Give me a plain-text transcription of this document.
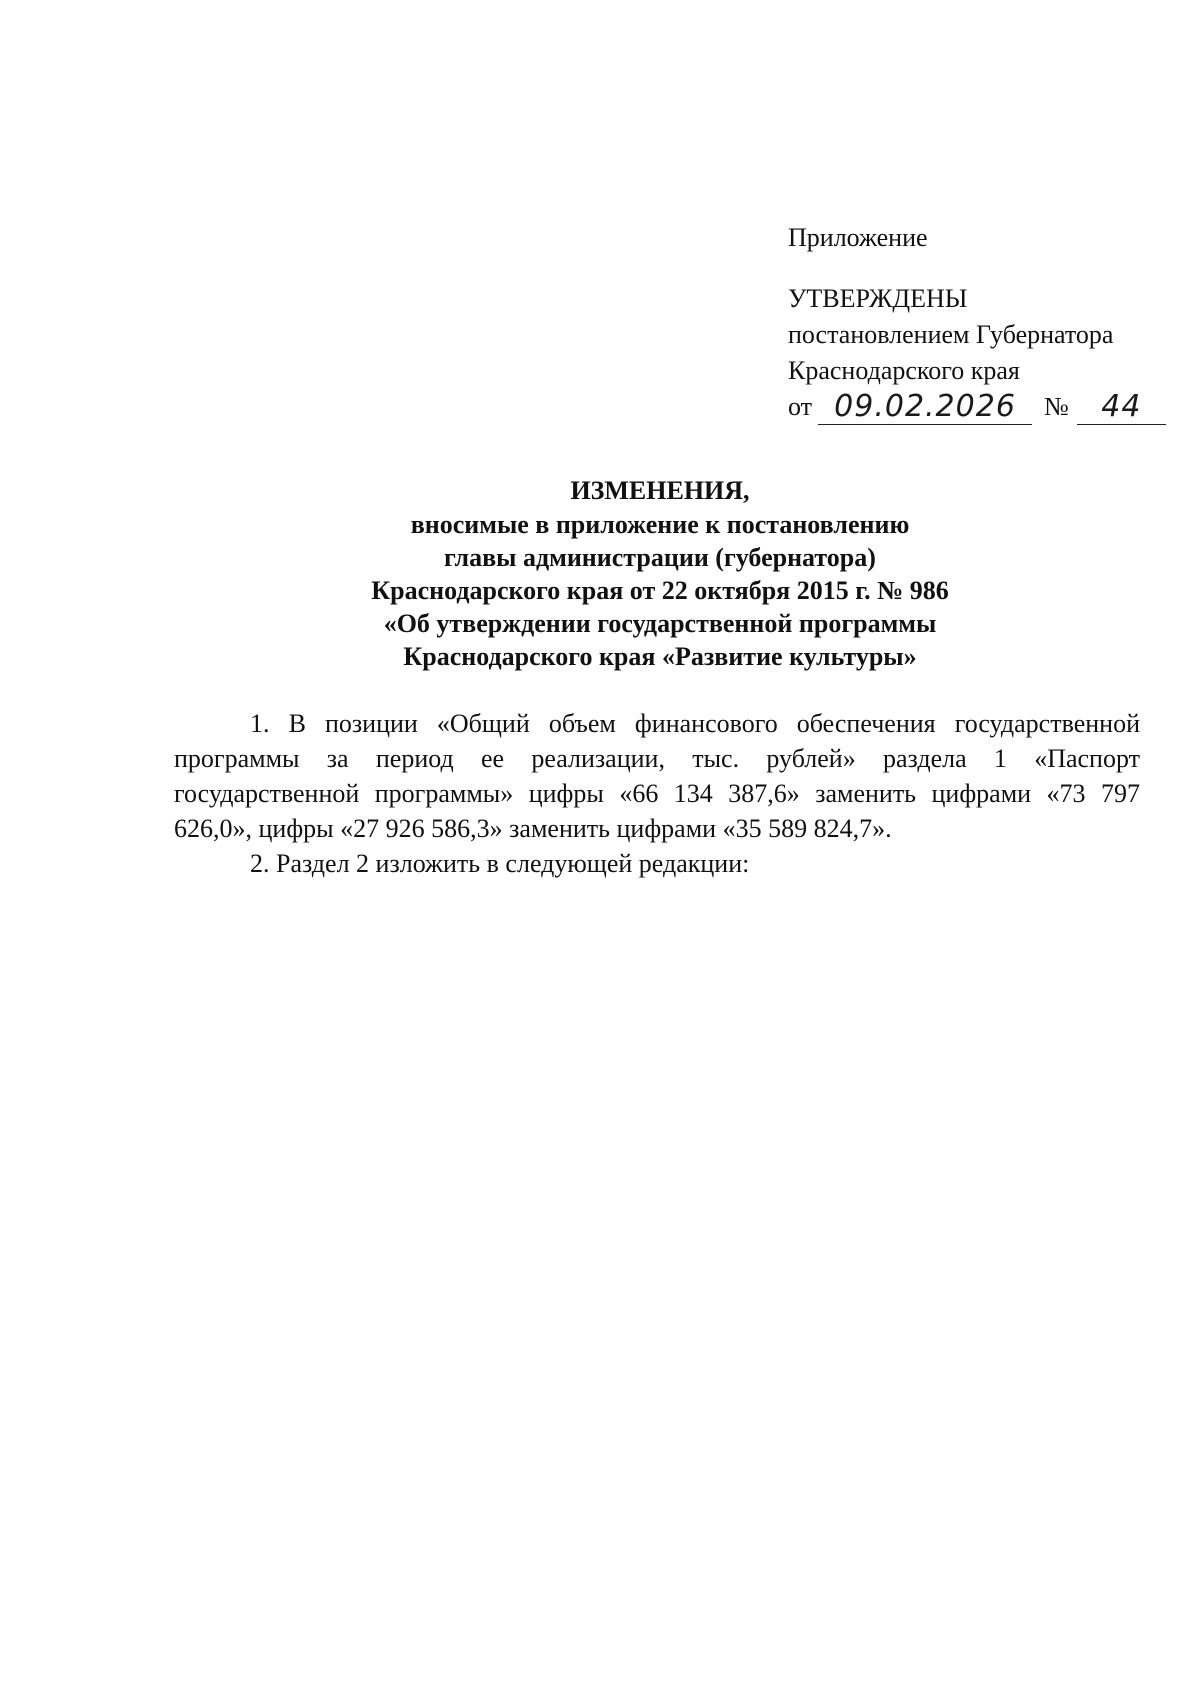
Приложение
УТВЕРЖДЕНЫ
постановлением Губернатора
Краснодарского края
от 09.02.2026	№	44
ИЗМЕНЕНИЯ,
вносимые в приложение к постановлению
главы администрации (губернатора)
Краснодарского края от 22 октября 2015 г. № 986
«Об утверждении государственной программы
Краснодарского края «Развитие культуры»

1. В позиции «Общий объем финансового обеспечения государственной программы за период ее реализации, тыс. рублей» раздела 1 «Паспорт государственной программы» цифры «66 134 387,6» заменить цифрами «73 797 626,0», цифры «27 926 586,3» заменить цифрами «35 589 824,7».

2. Раздел 2 изложить в следующей редакции:
